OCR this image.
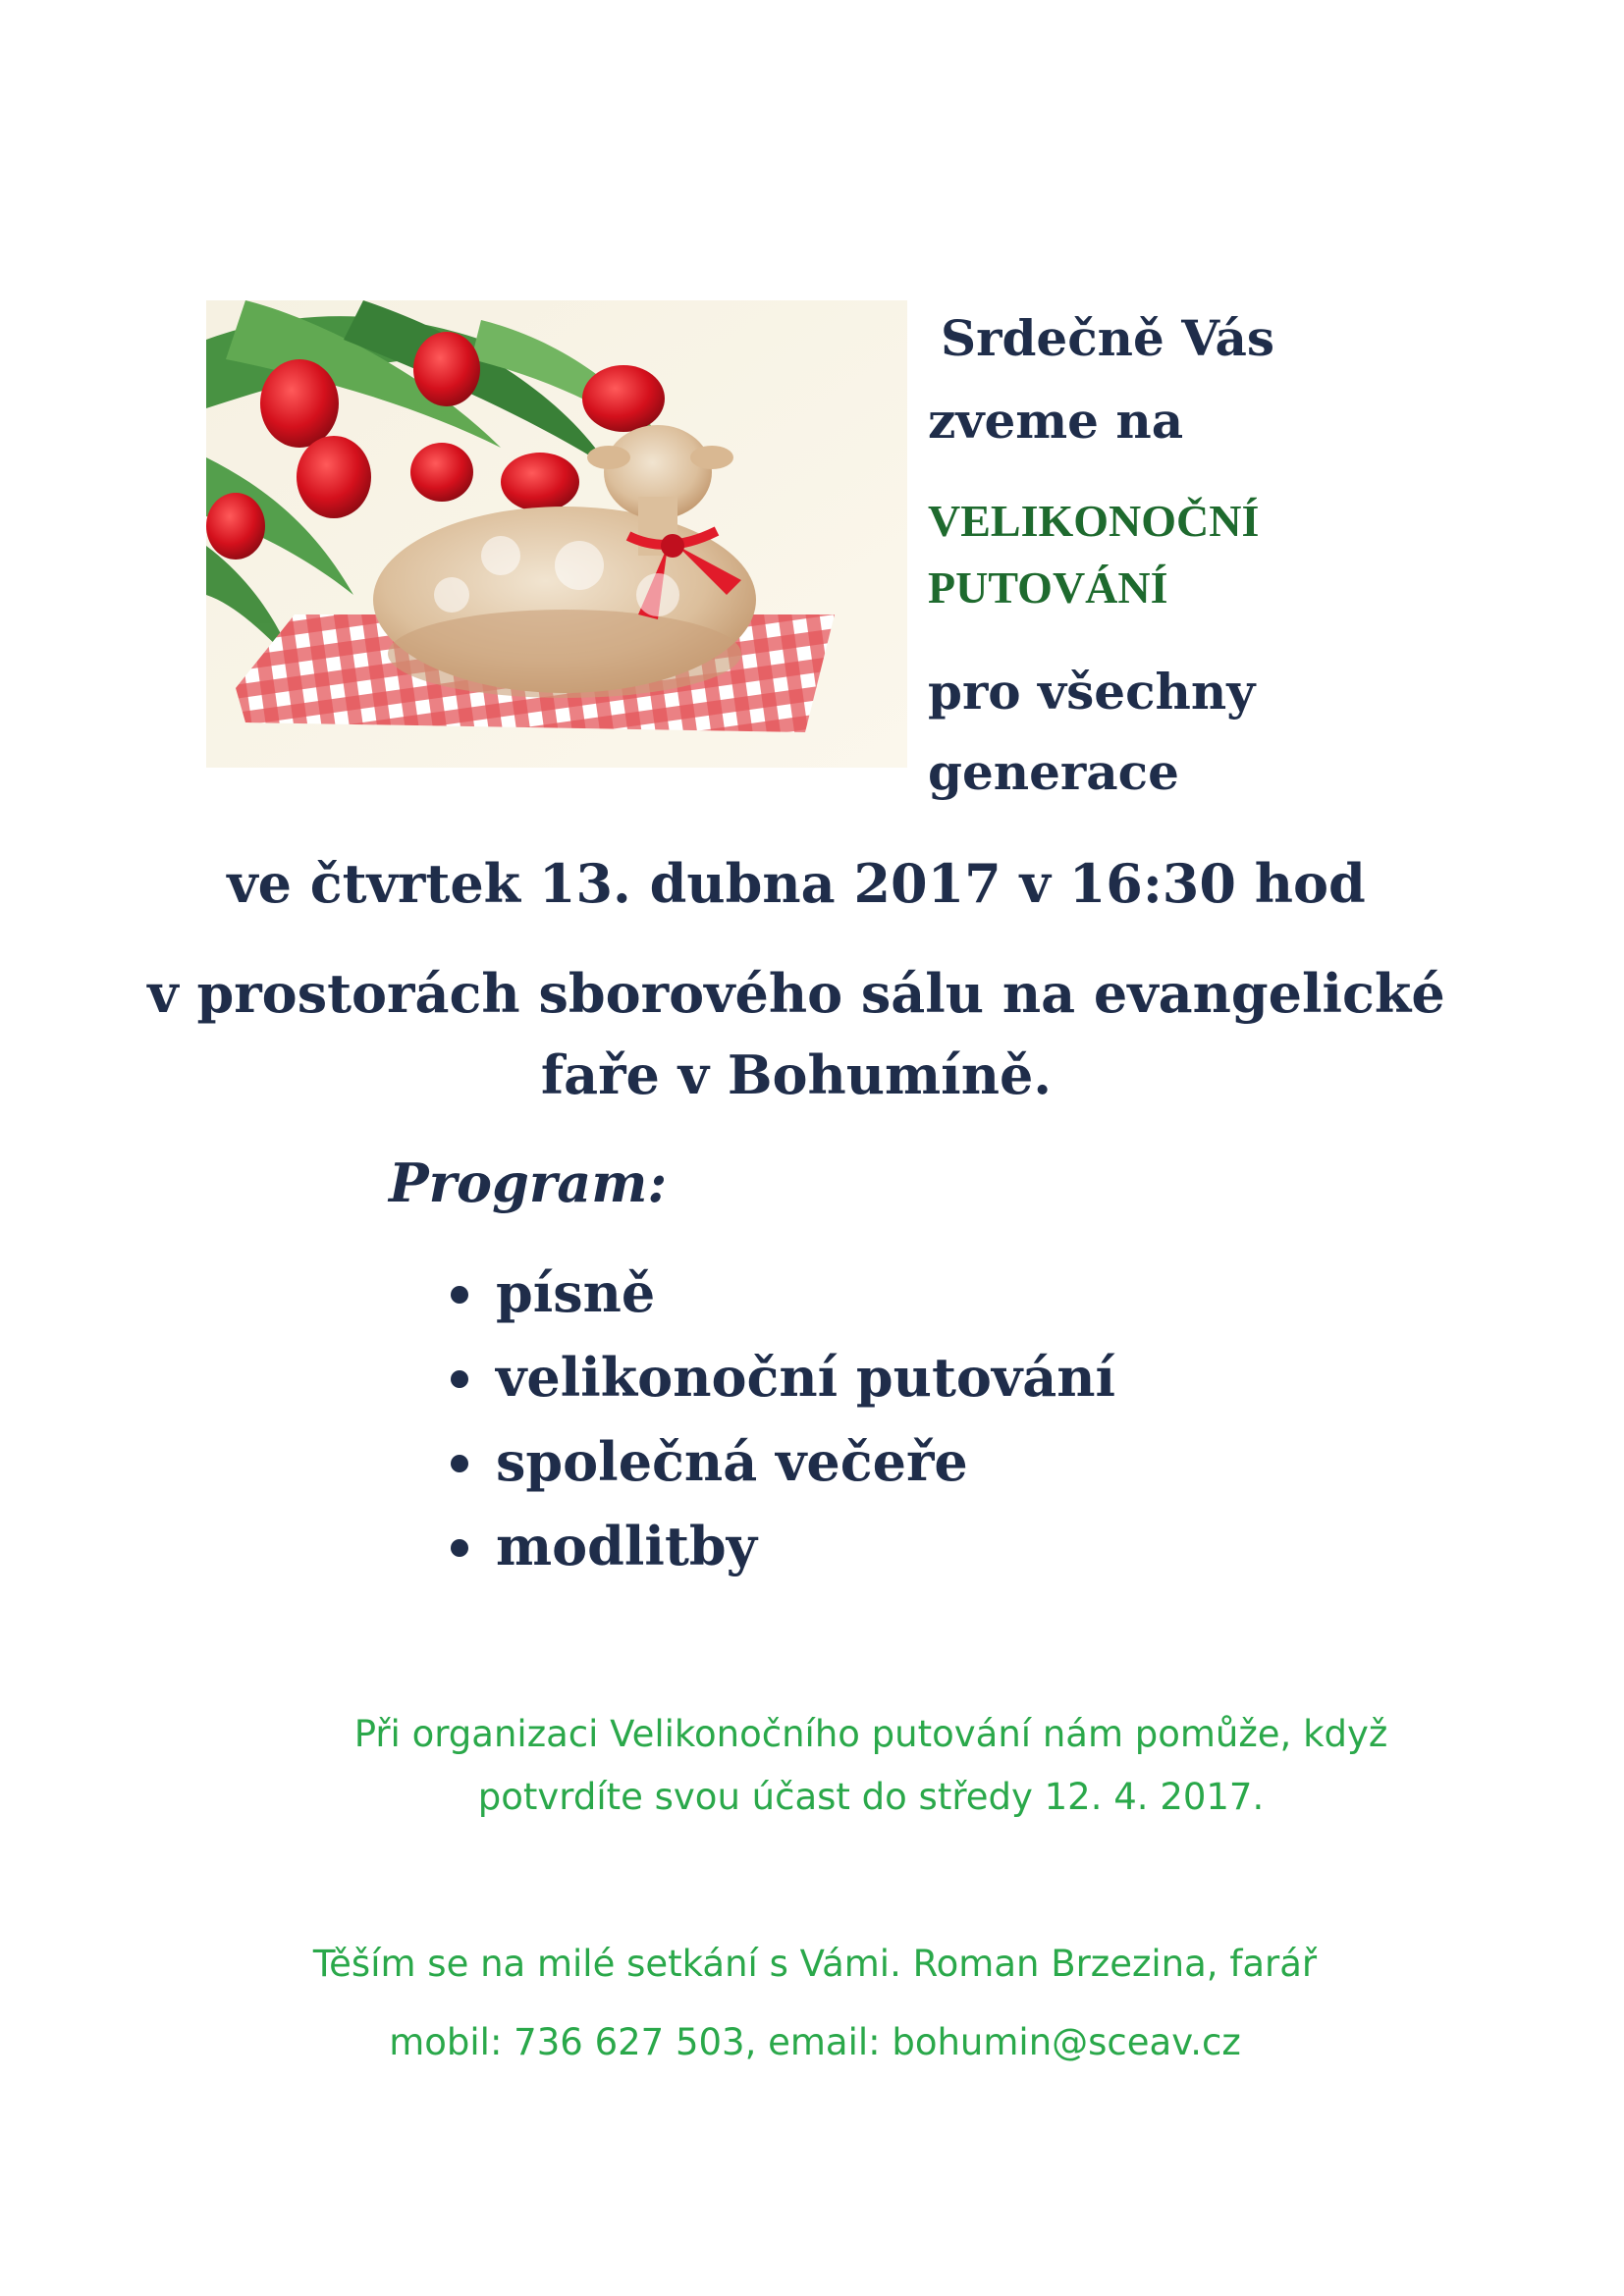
Srdečně Vás
zveme na
VELIKONOČNÍ
PUTOVÁNÍ
pro všechny
generace
ve čtvrtek 13. dubna 2017 v 16:30 hod
v prostorách sborového sálu na evangelické
faře v Bohumíně.
Program:
písně
velikonoční putování
společná večeře
modlitby
Při organizaci Velikonočního putování nám pomůže, když
potvrdíte svou účast do středy 12. 4. 2017.
Těším se na milé setkání s Vámi. Roman Brzezina, farář
mobil: 736 627 503, email: bohumin@sceav.cz
